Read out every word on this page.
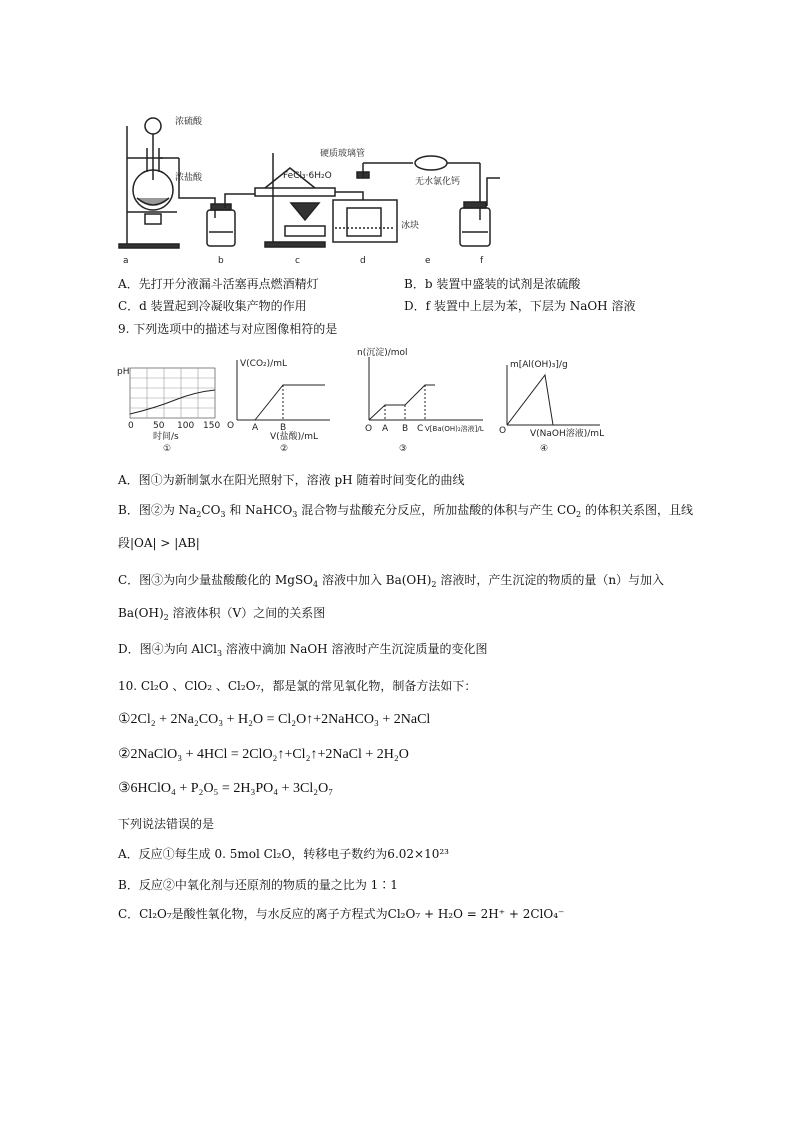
浓硫酸
浓盐酸	FeCl₃·6H₂O
硬质玻璃管
无水氯化钙
冰块
a	b	c	d	e	f
A．先打开分液漏斗活塞再点燃酒精灯	B．b 装置中盛装的试剂是浓硫酸
C．d 装置起到冷凝收集产物的作用	D．f 装置中上层为苯，下层为 NaOH 溶液
9. 下列选项中的描述与对应图像相符的是
pH
0 50 100 150
时间/s
①
V(CO₂)/mL
O A B
V(盐酸)/mL
②
n(沉淀)/mol
O A B C V[Ba(OH)₂溶液]/L
③
m[Al(OH)₃]/g
O	V(NaOH溶液)/mL
④
A．图①为新制氯水在阳光照射下，溶液 pH 随着时间变化的曲线
B．图②为 $Na_2CO_3$ 和 NaHCO$_3$ 混合物与盐酸充分反应，所加盐酸的体积与产生 $CO_2$ 的体积关系图，且线
段|OA| > |AB|
C．图③为向少量盐酸酸化的 MgSO$_4$ 溶液中加入 $Ba(OH)_2$ 溶液时，产生沉淀的物质的量（n）与加入
$Ba(OH)_2$ 溶液体积（V）之间的关系图
D．图④为向 AlCl$_3$ 溶液中滴加 NaOH 溶液时产生沉淀质量的变化图
10. Cl₂O 、ClO₂ 、Cl₂O₇，都是氯的常见氧化物，制备方法如下：
①2Cl₂ + 2Na₂CO₃ + H₂O = Cl₂O↑+2NaHCO₃ + 2NaCl
②2NaClO₃ + 4HCl = 2ClO₂↑+Cl₂↑+2NaCl + 2H₂O
③6HClO₄ + P₂O₅ = 2H₃PO₄ + 3Cl₂O₇
下列说法错误的是
A．反应①每生成 0. 5mol Cl₂O，转移电子数约为6.02×10²³
B．反应②中氧化剂与还原剂的物质的量之比为 1∶1
C．Cl₂O₇是酸性氧化物，与水反应的离子方程式为Cl₂O₇ + H₂O = 2H⁺ + 2ClO₄⁻
